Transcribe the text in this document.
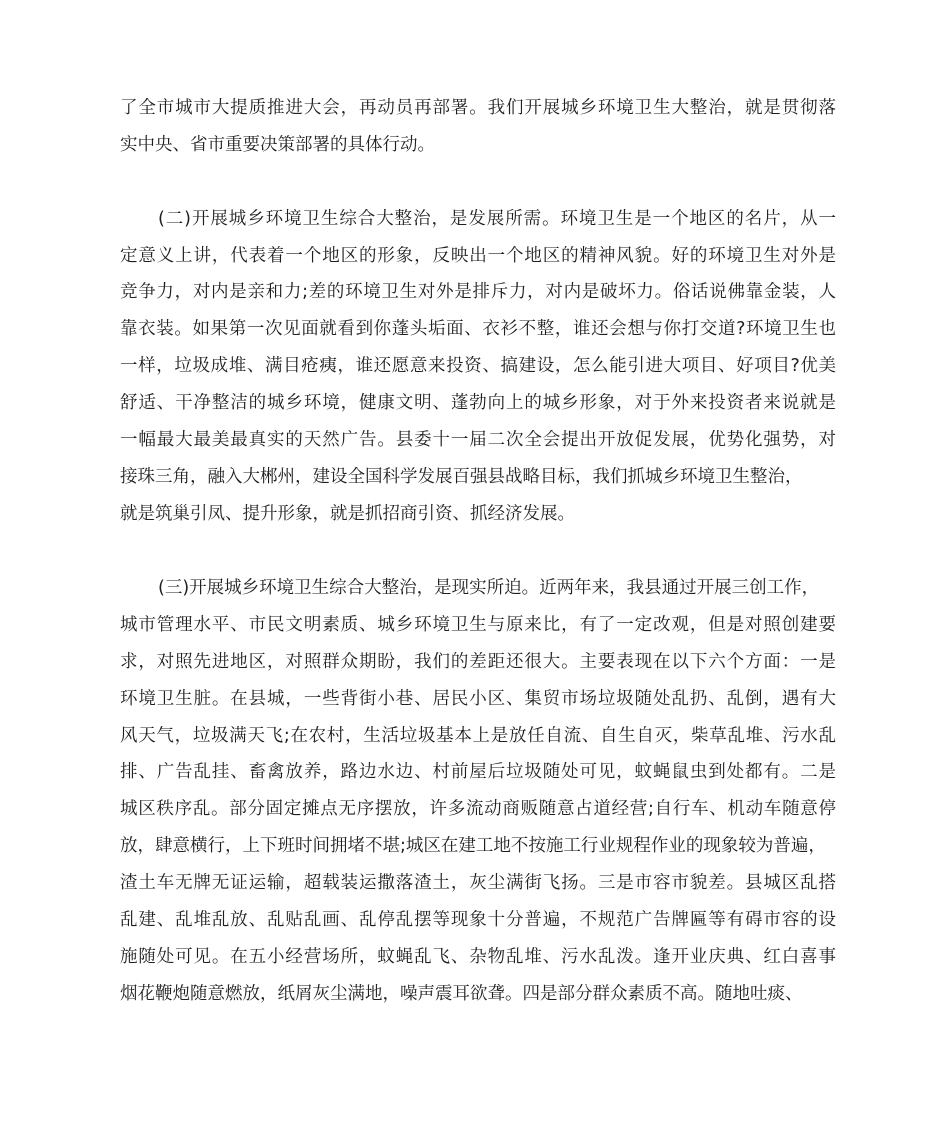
了全市城市大提质推进大会，再动员再部署。我们开展城乡环境卫生大整治，就是贯彻落
实中央、省市重要决策部署的具体行动。
(二)开展城乡环境卫生综合大整治，是发展所需。环境卫生是一个地区的名片，从一
定意义上讲，代表着一个地区的形象，反映出一个地区的精神风貌。好的环境卫生对外是
竞争力，对内是亲和力;差的环境卫生对外是排斥力，对内是破坏力。俗话说佛靠金装，人
靠衣装。如果第一次见面就看到你蓬头垢面、衣衫不整，谁还会想与你打交道?环境卫生也
一样，垃圾成堆、满目疮痍，谁还愿意来投资、搞建设，怎么能引进大项目、好项目?优美
舒适、干净整洁的城乡环境，健康文明、蓬勃向上的城乡形象，对于外来投资者来说就是
一幅最大最美最真实的天然广告。县委十一届二次全会提出开放促发展，优势化强势，对
接珠三角，融入大郴州，建设全国科学发展百强县战略目标，我们抓城乡环境卫生整治，
就是筑巢引凤、提升形象，就是抓招商引资、抓经济发展。
(三)开展城乡环境卫生综合大整治，是现实所迫。近两年来，我县通过开展三创工作，
城市管理水平、市民文明素质、城乡环境卫生与原来比，有了一定改观，但是对照创建要
求，对照先进地区，对照群众期盼，我们的差距还很大。主要表现在以下六个方面：一是
环境卫生脏。在县城，一些背街小巷、居民小区、集贸市场垃圾随处乱扔、乱倒，遇有大
风天气，垃圾满天飞;在农村，生活垃圾基本上是放任自流、自生自灭，柴草乱堆、污水乱
排、广告乱挂、畜禽放养，路边水边、村前屋后垃圾随处可见，蚊蝇鼠虫到处都有。二是
城区秩序乱。部分固定摊点无序摆放，许多流动商贩随意占道经营;自行车、机动车随意停
放，肆意横行，上下班时间拥堵不堪;城区在建工地不按施工行业规程作业的现象较为普遍，
渣土车无牌无证运输，超载装运撒落渣土，灰尘满街飞扬。三是市容市貌差。县城区乱搭
乱建、乱堆乱放、乱贴乱画、乱停乱摆等现象十分普遍，不规范广告牌匾等有碍市容的设
施随处可见。在五小经营场所，蚊蝇乱飞、杂物乱堆、污水乱泼。逢开业庆典、红白喜事
烟花鞭炮随意燃放，纸屑灰尘满地，噪声震耳欲聋。四是部分群众素质不高。随地吐痰、
